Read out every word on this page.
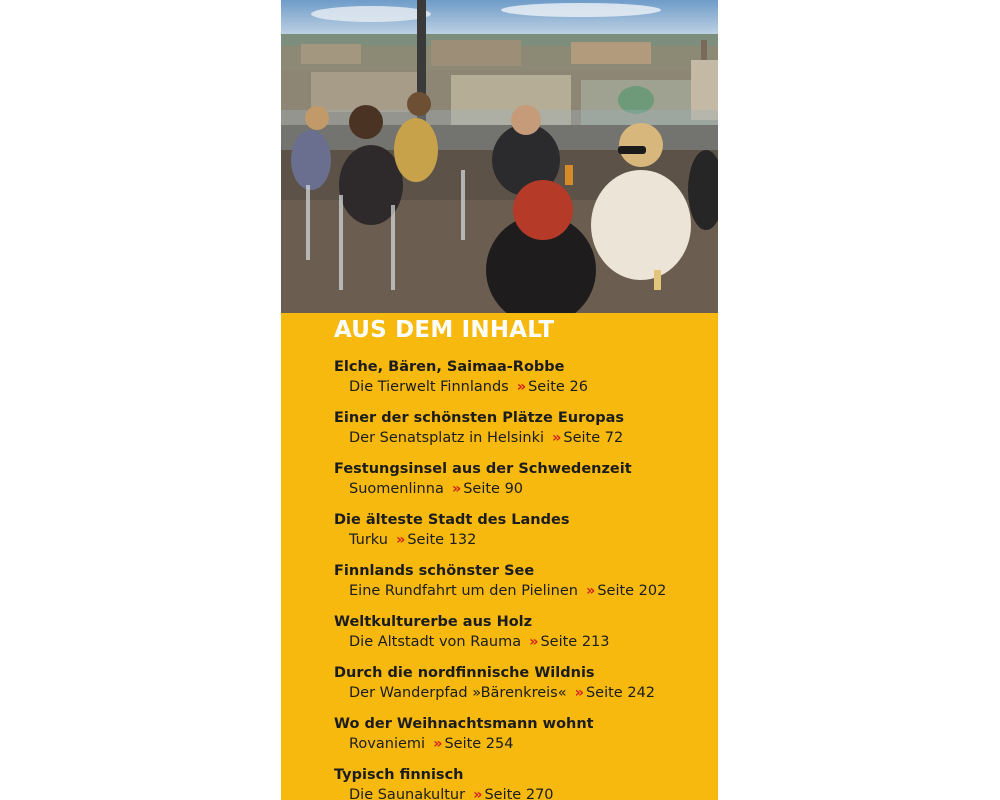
AUS DEM INHALT
Elche, Bären, Saimaa-Robbe
Die Tierwelt Finnlands » Seite 26
Einer der schönsten Plätze Europas
Der Senatsplatz in Helsinki » Seite 72
Festungsinsel aus der Schwedenzeit
Suomenlinna » Seite 90
Die älteste Stadt des Landes
Turku » Seite 132
Finnlands schönster See
Eine Rundfahrt um den Pielinen » Seite 202
Weltkulturerbe aus Holz
Die Altstadt von Rauma » Seite 213
Durch die nordfinnische Wildnis
Der Wanderpfad »Bärenkreis« » Seite 242
Wo der Weihnachtsmann wohnt
Rovaniemi » Seite 254
Typisch finnisch
Die Saunakultur » Seite 270
